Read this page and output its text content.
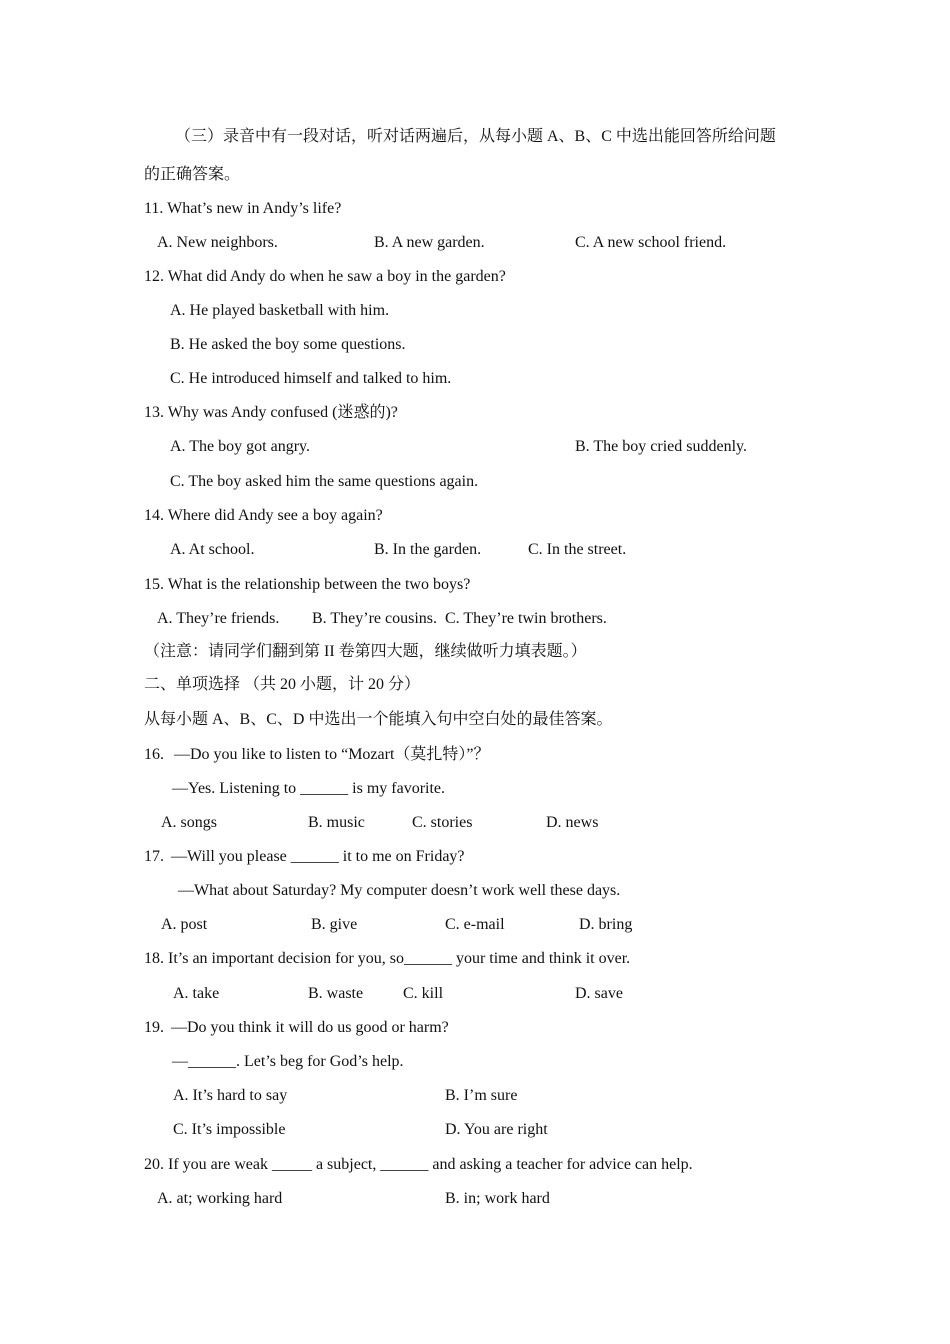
（三）录音中有一段对话，听对话两遍后，从每小题 A、B、C 中选出能回答所给问题
的正确答案。
11. What’s new in Andy’s life?
A. New neighbors.	B. A new garden.	C. A new school friend.
12. What did Andy do when he saw a boy in the garden?
A. He played basketball with him.
B. He asked the boy some questions.
C. He introduced himself and talked to him.
13. Why was Andy confused (迷惑的)?
A. The boy got angry.	B. The boy cried suddenly.
C. The boy asked him the same questions again.
14. Where did Andy see a boy again?
A. At school.	B. In the garden.	C. In the street.
15. What is the relationship between the two boys?
A. They’re friends. B. They’re cousins. C. They’re twin brothers.
（注意：请同学们翻到第 II 卷第四大题，继续做听力填表题。）
二、单项选择 （共 20 小题，计 20 分）
从每小题 A、B、C、D 中选出一个能填入句中空白处的最佳答案。
16. —Do you like to listen to “Mozart（莫扎特）”？
—Yes. Listening to ______ is my favorite.
A. songs	B. music	C. stories	D. news
17. —Will you please ______ it to me on Friday?
—What about Saturday? My computer doesn’t work well these days.
A. post	B. give	C. e-mail	D. bring
18. It’s an important decision for you, so______ your time and think it over.
A. take	B. waste C. kill	D. save
19. —Do you think it will do us good or harm?
—______. Let’s beg for God’s help.
A. It’s hard to say	B. I’m sure
C. It’s impossible	D. You are right
20. If you are weak _____ a subject, ______ and asking a teacher for advice can help.
A. at; working hard	B. in; work hard
